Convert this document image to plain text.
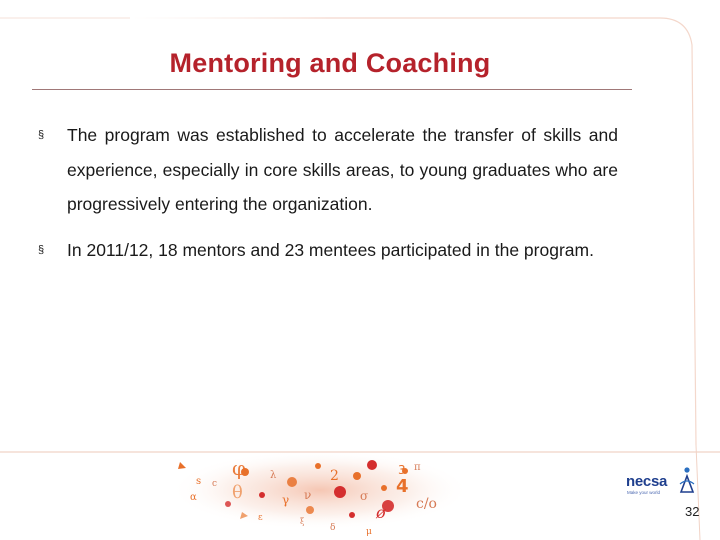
Mentoring and Coaching
§ The program was established to accelerate the transfer of skills and experience, especially in core skills areas, to young graduates who are progressively entering the organization.
§ In 2011/12, 18 mentors and 23 mentees participated in the program.
φ
θ
ø c/o
4
3 π
2
ν
γ	σ
s c
α
λ
μ
δ
ε	ξ
necsa
Make your world
32
